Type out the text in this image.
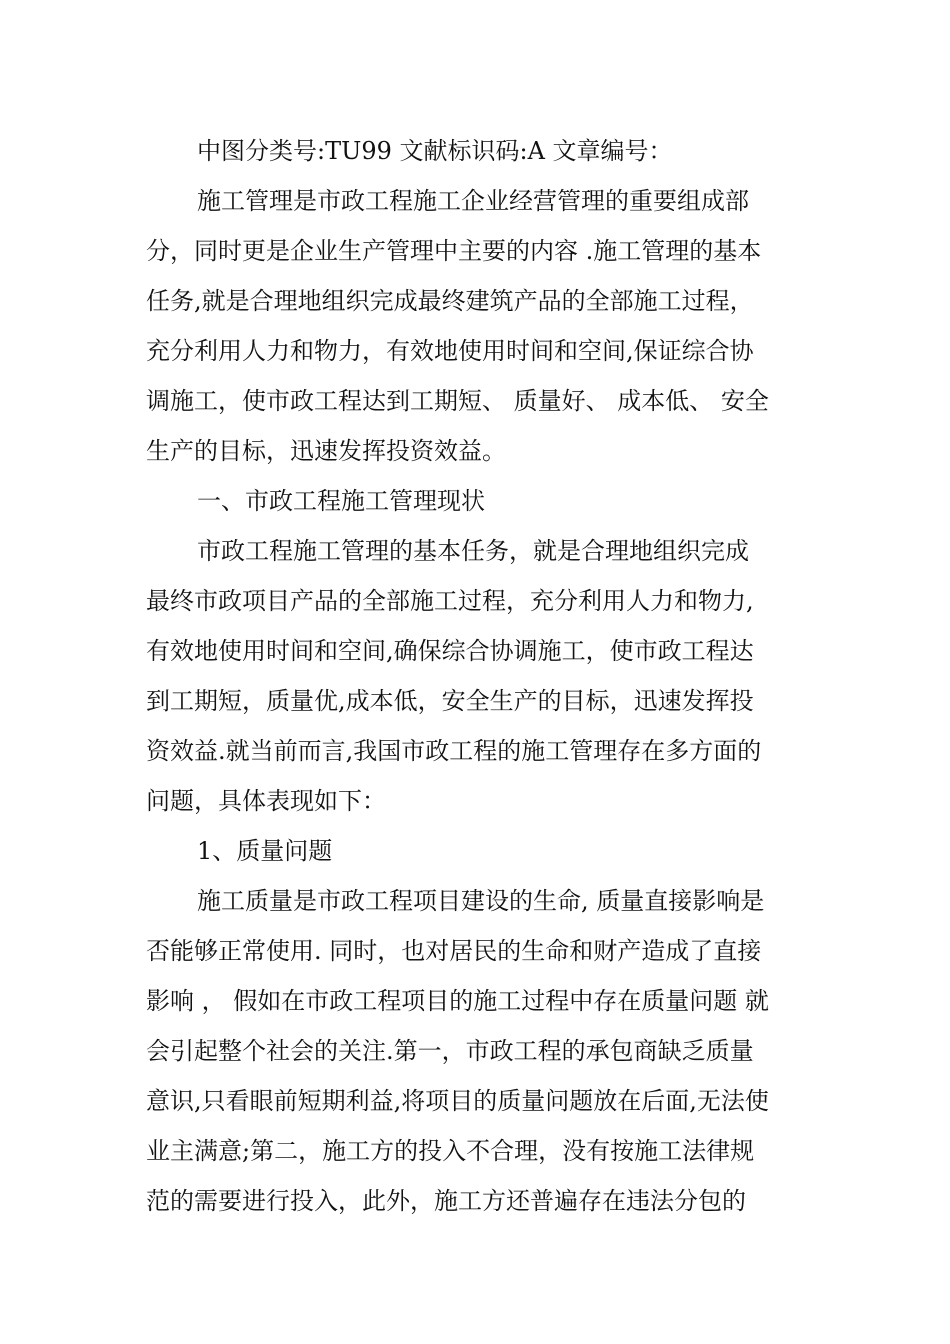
中图分类号:TU99 文献标识码:A 文章编号：
施工管理是市政工程施工企业经营管理的重要组成部
分，同时更是企业生产管理中主要的内容 .施工管理的基本
任务,就是合理地组织完成最终建筑产品的全部施工过程，
充分利用人力和物力，有效地使用时间和空间,保证综合协
调施工，使市政工程达到工期短、 质量好、 成本低、 安全
生产的目标，迅速发挥投资效益。
一、市政工程施工管理现状
市政工程施工管理的基本任务，就是合理地组织完成
最终市政项目产品的全部施工过程，充分利用人力和物力,
有效地使用时间和空间,确保综合协调施工，使市政工程达
到工期短，质量优,成本低，安全生产的目标，迅速发挥投
资效益.就当前而言,我国市政工程的施工管理存在多方面的
问题，具体表现如下：
1、质量问题
施工质量是市政工程项目建设的生命, 质量直接影响是
否能够正常使用. 同时，也对居民的生命和财产造成了直接
影响 ， 假如在市政工程项目的施工过程中存在质量问题 就
会引起整个社会的关注.第一，市政工程的承包商缺乏质量
意识,只看眼前短期利益,将项目的质量问题放在后面,无法使
业主满意;第二，施工方的投入不合理，没有按施工法律规
范的需要进行投入，此外，施工方还普遍存在违法分包的
